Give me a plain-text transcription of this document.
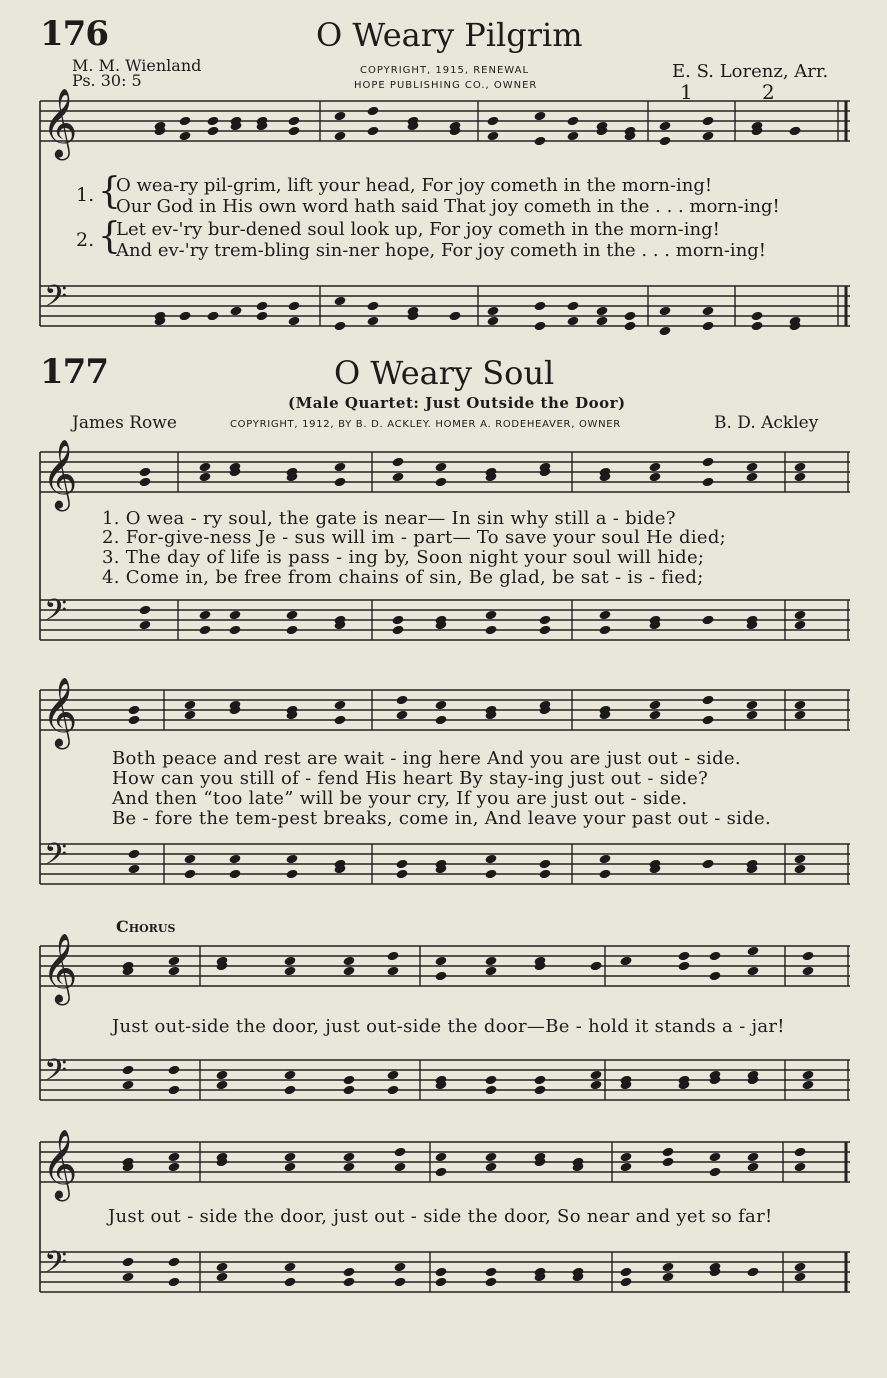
176	O Weary Pilgrim
M. M. Wienland
Ps. 30: 5
COPYRIGHT, 1915, RENEWAL
HOPE PUBLISHING CO., OWNER
E. S. Lorenz, Arr.
1	2
1.
2.
{
{
O wea-ry pil-grim, lift your head, For joy cometh in the morn-ing!
Our God in His own word hath said That joy cometh in the . . . morn-ing!
Let ev-'ry bur-dened soul look up, For joy cometh in the morn-ing!
And ev-'ry trem-bling sin-ner hope, For joy cometh in the . . . morn-ing!
177	O Weary Soul
(Male Quartet: Just Outside the Door)
James Rowe	COPYRIGHT, 1912, BY B. D. ACKLEY. HOMER A. RODEHEAVER, OWNER	B. D. Ackley
1. O wea - ry soul, the gate is near— In sin why still a - bide?
2. For-give-ness Je - sus will im - part— To save your soul He died;
3. The day of life is pass - ing by, Soon night your soul will hide;
4. Come in, be free from chains of sin, Be glad, be sat - is - fied;
Both peace and rest are wait - ing here And you are just out - side.
How can you still of - fend His heart By stay-ing just out - side?
And then “too late” will be your cry, If you are just out - side.
Be - fore the tem-pest breaks, come in, And leave your past out - side.
Chorus
Just out-side the door, just out-side the door—Be - hold it stands a - jar!
Just out - side the door, just out - side the door, So near and yet so far!
𝄞
𝄢
𝄞
𝄢
𝄞
𝄢
𝄞
𝄢
𝄞
𝄢
